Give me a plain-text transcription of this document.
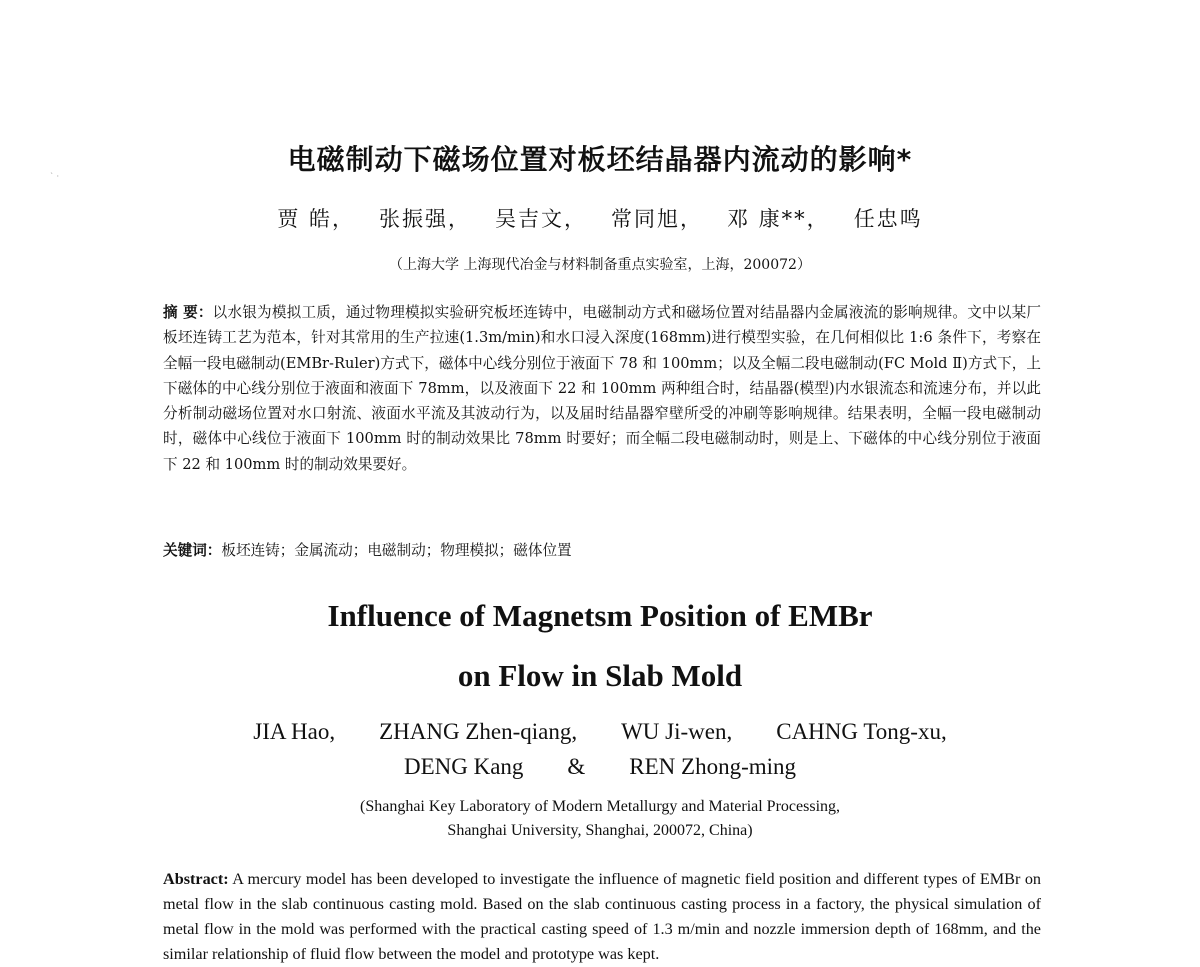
` ·
电磁制动下磁场位置对板坯结晶器内流动的影响*
贾 皓， 张振强， 吴吉文， 常同旭， 邓 康**， 任忠鸣
（上海大学 上海现代冶金与材料制备重点实验室，上海，200072）

摘 要：以水银为模拟工质，通过物理模拟实验研究板坯连铸中，电磁制动方式和磁场位置对结晶器内金属液流的影响规律。文中以某厂板坯连铸工艺为范本，针对其常用的生产拉速(1.3m/min)和水口浸入深度(168mm)进行模型实验，在几何相似比 1:6 条件下，考察在全幅一段电磁制动(EMBr-Ruler)方式下，磁体中心线分别位于液面下 78 和 100mm；以及全幅二段电磁制动(FC Mold Ⅱ)方式下，上下磁体的中心线分别位于液面和液面下 78mm，以及液面下 22 和 100mm 两种组合时，结晶器(模型)内水银流态和流速分布，并以此分析制动磁场位置对水口射流、液面水平流及其波动行为，以及届时结晶器窄壁所受的冲刷等影响规律。结果表明，全幅一段电磁制动时，磁体中心线位于液面下 100mm 时的制动效果比 78mm 时要好；而全幅二段电磁制动时，则是上、下磁体的中心线分别位于液面下 22 和 100mm 时的制动效果要好。

关键词：板坯连铸；金属流动；电磁制动；物理模拟；磁体位置
Influence of Magnetsm Position of EMBr
on Flow in Slab Mold
JIA Hao, ZHANG Zhen-qiang, WU Ji-wen, CAHNG Tong-xu,
DENG Kang & REN Zhong-ming
(Shanghai Key Laboratory of Modern Metallurgy and Material Processing,
Shanghai University, Shanghai, 200072, China)

Abstract: A mercury model has been developed to investigate the influence of magnetic field position and different types of EMBr on metal flow in the slab continuous casting mold. Based on the slab continuous casting process in a factory, the physical simulation of metal flow in the mold was performed with the practical casting speed of 1.3 m/min and nozzle immersion depth of 168mm, and the similar relationship of fluid flow between the model and prototype was kept.
